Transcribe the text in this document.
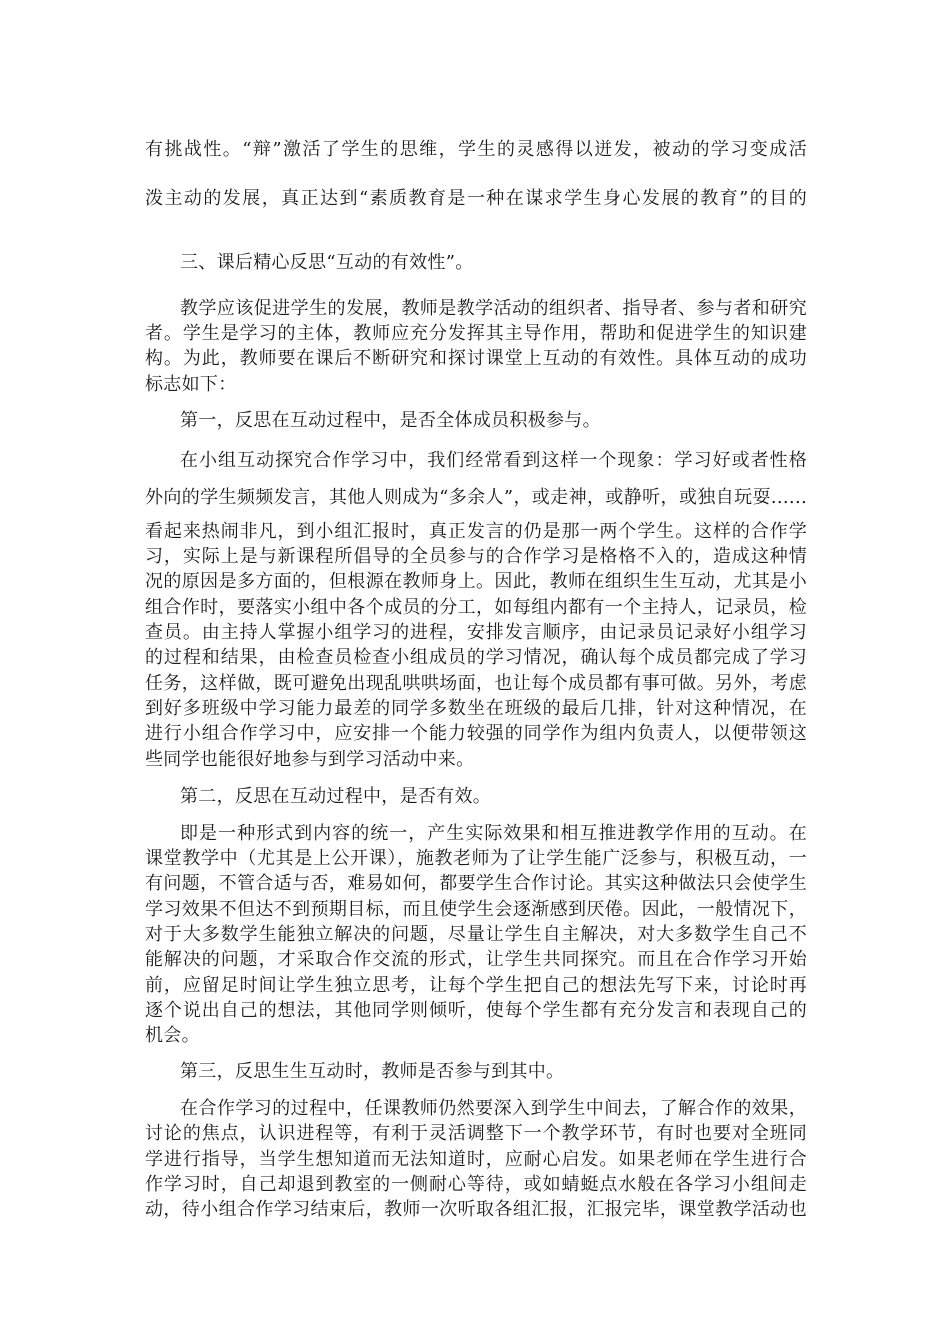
有挑战性。“辩”激活了学生的思维，学生的灵感得以迸发，被动的学习变成活
泼主动的发展，真正达到“素质教育是一种在谋求学生身心发展的教育”的目的
三、课后精心反思“互动的有效性”。
教学应该促进学生的发展，教师是教学活动的组织者、指导者、参与者和研究
者。学生是学习的主体，教师应充分发挥其主导作用，帮助和促进学生的知识建
构。为此，教师要在课后不断研究和探讨课堂上互动的有效性。具体互动的成功
标志如下：
第一，反思在互动过程中，是否全体成员积极参与。
在小组互动探究合作学习中，我们经常看到这样一个现象：学习好或者性格
外向的学生频频发言，其他人则成为“多余人”，或走神，或静听，或独自玩耍......
看起来热闹非凡，到小组汇报时，真正发言的仍是那一两个学生。这样的合作学
习，实际上是与新课程所倡导的全员参与的合作学习是格格不入的，造成这种情
况的原因是多方面的，但根源在教师身上。因此，教师在组织生生互动，尤其是小
组合作时，要落实小组中各个成员的分工，如每组内都有一个主持人，记录员，检
查员。由主持人掌握小组学习的进程，安排发言顺序，由记录员记录好小组学习
的过程和结果，由检查员检查小组成员的学习情况，确认每个成员都完成了学习
任务，这样做，既可避免出现乱哄哄场面，也让每个成员都有事可做。另外，考虑
到好多班级中学习能力最差的同学多数坐在班级的最后几排，针对这种情况，在
进行小组合作学习中，应安排一个能力较强的同学作为组内负责人，以便带领这
些同学也能很好地参与到学习活动中来。
第二，反思在互动过程中，是否有效。
即是一种形式到内容的统一，产生实际效果和相互推进教学作用的互动。在
课堂教学中（尤其是上公开课），施教老师为了让学生能广泛参与，积极互动，一
有问题，不管合适与否，难易如何，都要学生合作讨论。其实这种做法只会使学生
学习效果不但达不到预期目标，而且使学生会逐渐感到厌倦。因此，一般情况下，
对于大多数学生能独立解决的问题，尽量让学生自主解决，对大多数学生自己不
能解决的问题，才采取合作交流的形式，让学生共同探究。而且在合作学习开始
前，应留足时间让学生独立思考，让每个学生把自己的想法先写下来，讨论时再
逐个说出自己的想法，其他同学则倾听，使每个学生都有充分发言和表现自己的
机会。
第三，反思生生互动时，教师是否参与到其中。
在合作学习的过程中，任课教师仍然要深入到学生中间去，了解合作的效果，
讨论的焦点，认识进程等，有利于灵活调整下一个教学环节，有时也要对全班同
学进行指导，当学生想知道而无法知道时，应耐心启发。如果老师在学生进行合
作学习时，自己却退到教室的一侧耐心等待，或如蜻蜓点水般在各学习小组间走
动，待小组合作学习结束后，教师一次听取各组汇报，汇报完毕，课堂教学活动也
